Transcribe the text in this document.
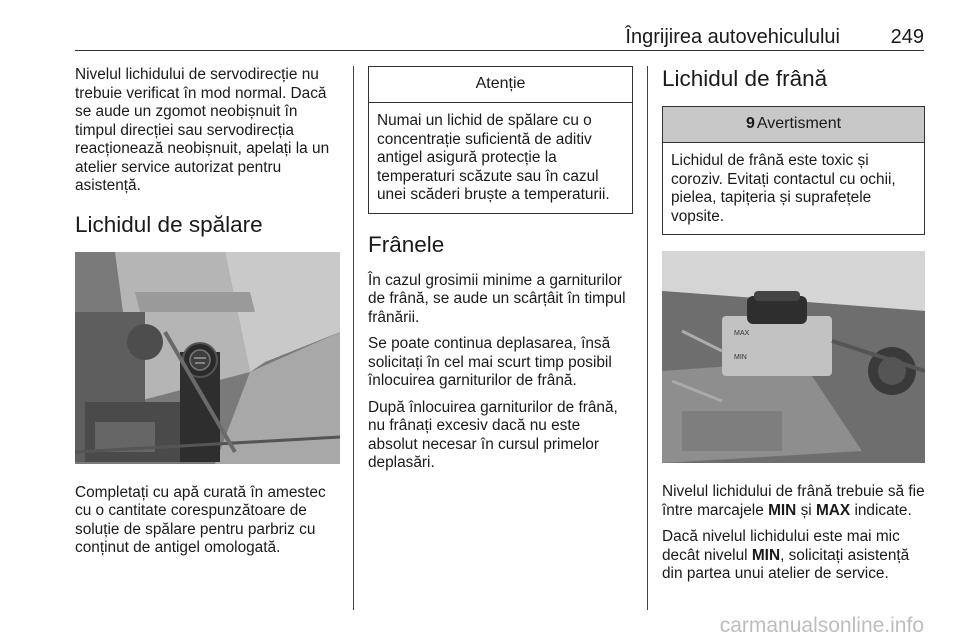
Îngrijirea autovehiculului	249

Nivelul lichidului de servodirecție nu trebuie verificat în mod normal. Dacă se aude un zgomot neobișnuit în timpul direcției sau servodirecția reacționează neobișnuit, apelați la un atelier service autorizat pentru asistență.

Lichidul de spălare

Completați cu apă curată în amestec cu o cantitate corespunzătoare de soluție de spălare pentru parbriz cu conținut de antigel omologată.

Atenție
Numai un lichid de spălare cu o concentrație suficientă de aditiv antigel asigură protecție la temperaturi scăzute sau în cazul unei scăderi bruște a temperaturii.
Frânele

În cazul grosimii minime a garniturilor de frână, se aude un scârțâit în timpul frânării.

Se poate continua deplasarea, însă solicitați în cel mai scurt timp posibil înlocuirea garniturilor de frână.

După înlocuirea garniturilor de frână, nu frânați excesiv dacă nu este absolut necesar în cursul primelor deplasări.

Lichidul de frână
9 Avertisment
Lichidul de frână este toxic și coroziv. Evitați contactul cu ochii, pielea, tapițeria și suprafețele vopsite.
MAX
MIN

Nivelul lichidului de frână trebuie să fie între marcajele MIN și MAX indicate.

Dacă nivelul lichidului este mai mic decât nivelul MIN, solicitați asistență din partea unui atelier de service.

carmanualsonline.info
